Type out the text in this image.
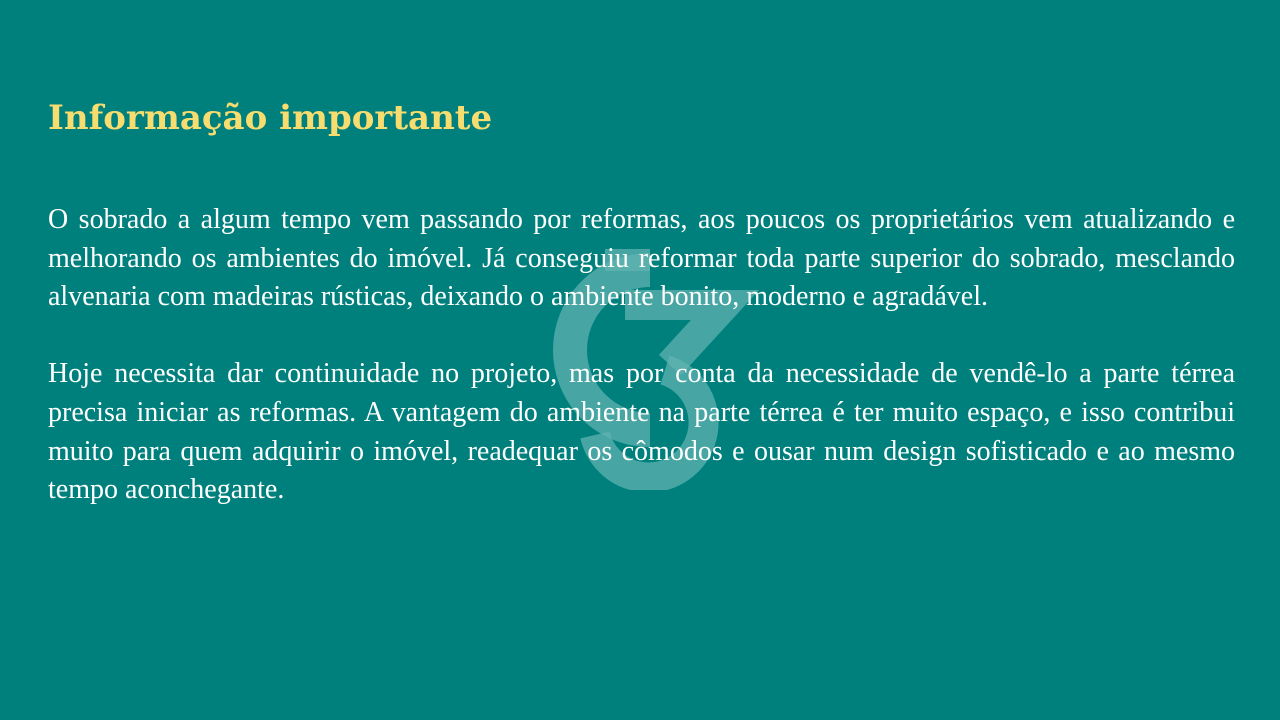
Informação importante

O sobrado a algum tempo vem passando por reformas, aos poucos os proprietários vem atualizando e melhorando os ambientes do imóvel. Já conseguiu reformar toda parte superior do sobrado, mesclando alvenaria com madeiras rústicas, deixando o ambiente bonito, moderno e agradável.

Hoje necessita dar continuidade no projeto, mas por conta da necessidade de vendê-lo a parte térrea precisa iniciar as reformas. A vantagem do ambiente na parte térrea é ter muito espaço, e isso contribui muito para quem adquirir o imóvel, readequar os cômodos e ousar num design sofisticado e ao mesmo tempo aconchegante.
